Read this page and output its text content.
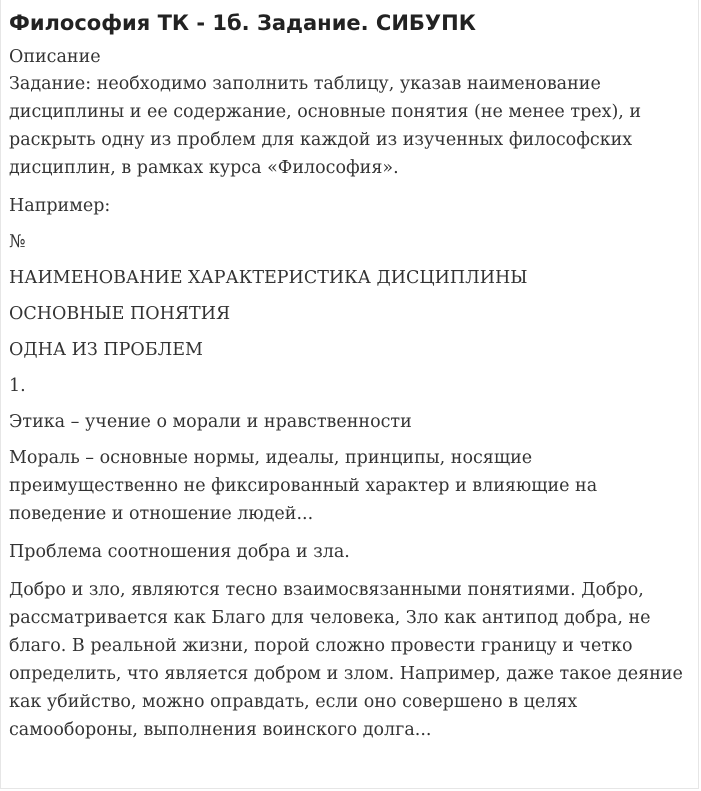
Философия ТК - 1б. Задание. СИБУПК

Описание

Задание: необходимо заполнить таблицу, указав наименование дисциплины и ее содержание, основные понятия (не менее трех), и раскрыть одну из проблем для каждой из изученных философских дисциплин, в рамках курса «Философия».

Например:

№

НАИМЕНОВАНИЕ ХАРАКТЕРИСТИКА ДИСЦИПЛИНЫ

ОСНОВНЫЕ ПОНЯТИЯ

ОДНА ИЗ ПРОБЛЕМ

1.

Этика – учение о морали и нравственности

Мораль – основные нормы, идеалы, принципы, носящие преимущественно не фиксированный характер и влияющие на поведение и отношение людей...

Проблема соотношения добра и зла.

Добро и зло, являются тесно взаимосвязанными понятиями. Добро, рассматривается как Благо для человека, Зло как антипод добра, не благо. В реальной жизни, порой сложно провести границу и четко определить, что является добром и злом. Например, даже такое деяние как убийство, можно оправдать, если оно совершено в целях самообороны, выполнения воинского долга...
